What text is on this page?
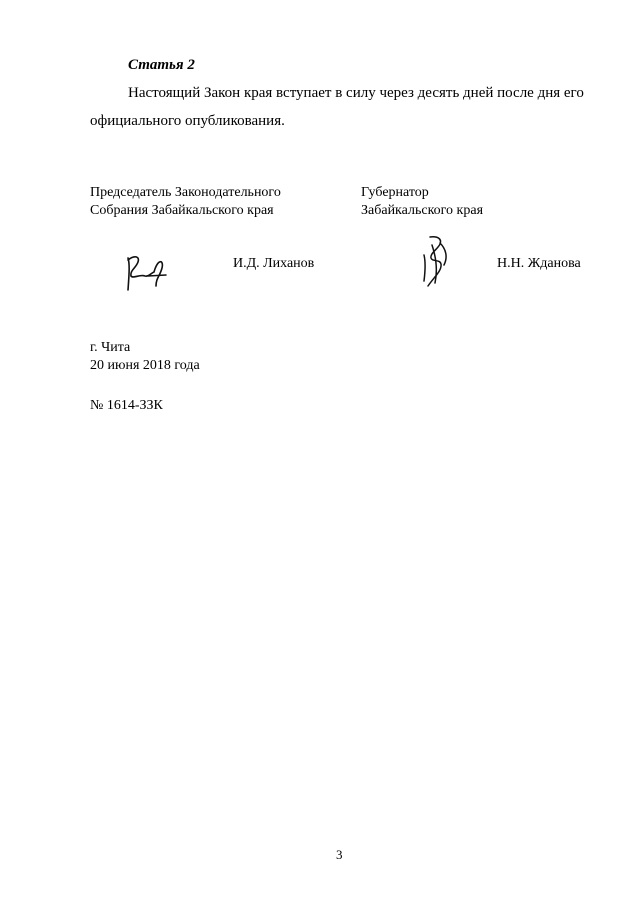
Статья 2
Настоящий Закон края вступает в силу через десять дней после дня его
официального опубликования.
Председатель Законодательного
Собрания Забайкальского края
Губернатор
Забайкальского края
И.Д. Лиханов	Н.Н. Жданова
г. Чита
20 июня 2018 года
№ 1614-ЗЗК
3
